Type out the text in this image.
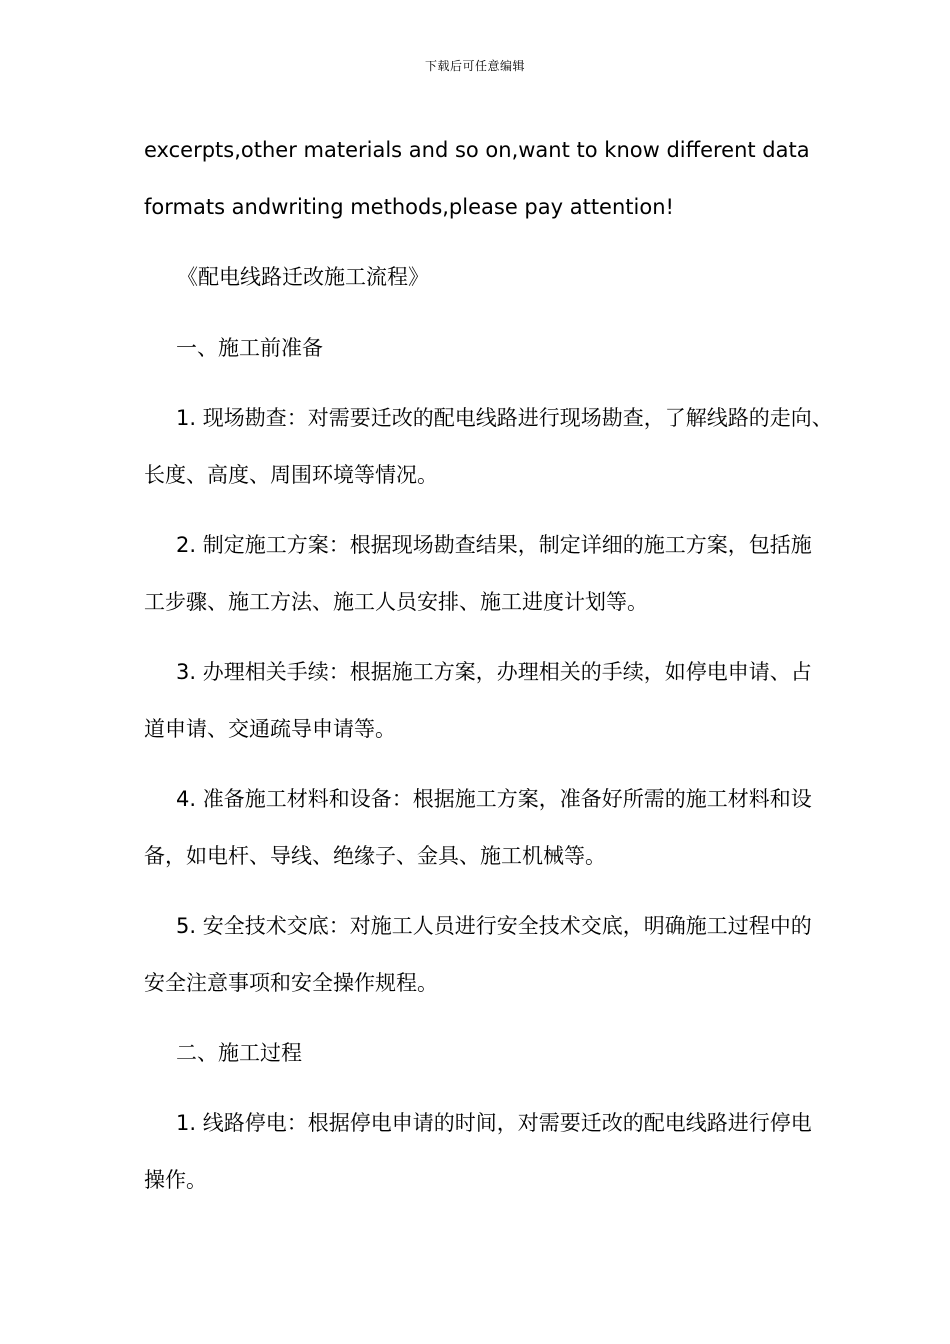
下载后可任意编辑
excerpts,other materials and so on,want to know different data
formats andwriting methods,please pay attention!
《配电线路迁改施工流程》
一、施工前准备
1. 现场勘查：对需要迁改的配电线路进行现场勘查，了解线路的走向、
长度、高度、周围环境等情况。
2. 制定施工方案：根据现场勘查结果，制定详细的施工方案，包括施
工步骤、施工方法、施工人员安排、施工进度计划等。
3. 办理相关手续：根据施工方案，办理相关的手续，如停电申请、占
道申请、交通疏导申请等。
4. 准备施工材料和设备：根据施工方案，准备好所需的施工材料和设
备，如电杆、导线、绝缘子、金具、施工机械等。
5. 安全技术交底：对施工人员进行安全技术交底，明确施工过程中的
安全注意事项和安全操作规程。
二、施工过程
1. 线路停电：根据停电申请的时间，对需要迁改的配电线路进行停电
操作。
